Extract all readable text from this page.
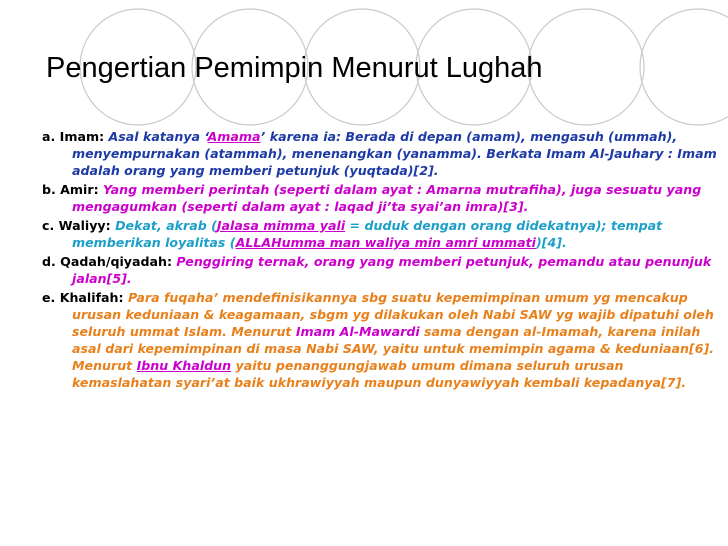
Pengertian Pemimpin Menurut Lughah

a. Imam: Asal katanya ‘Amama’ karena ia: Berada di depan (amam), mengasuh (ummah), menyempurnakan (atammah), menenangkan (yanamma). Berkata Imam Al-Jauhary : Imam adalah orang yang memberi petunjuk (yuqtada)[2].

b. Amir: Yang memberi perintah (seperti dalam ayat : Amarna mutrafiha), juga sesuatu yang mengagumkan (seperti dalam ayat : laqad ji’ta syai’an imra)[3].

c. Waliyy: Dekat, akrab (Jalasa mimma yali = duduk dengan orang didekatnya); tempat memberikan loyalitas (ALLAHumma man waliya min amri ummati)[4].

d. Qadah/qiyadah: Penggiring ternak, orang yang memberi petunjuk, pemandu atau penunjuk jalan[5].

e. Khalifah: Para fuqaha’ mendefinisikannya sbg suatu kepemimpinan umum yg mencakup urusan keduniaan & keagamaan, sbgm yg dilakukan oleh Nabi SAW yg wajib dipatuhi oleh seluruh ummat Islam. Menurut Imam Al-Mawardi sama dengan al-Imamah, karena inilah asal dari kepemimpinan di masa Nabi SAW, yaitu untuk memimpin agama & keduniaan[6]. Menurut Ibnu Khaldun yaitu penanggungjawab umum dimana seluruh urusan kemaslahatan syari’at baik ukhrawiyyah maupun dunyawiyyah kembali kepadanya[7].
